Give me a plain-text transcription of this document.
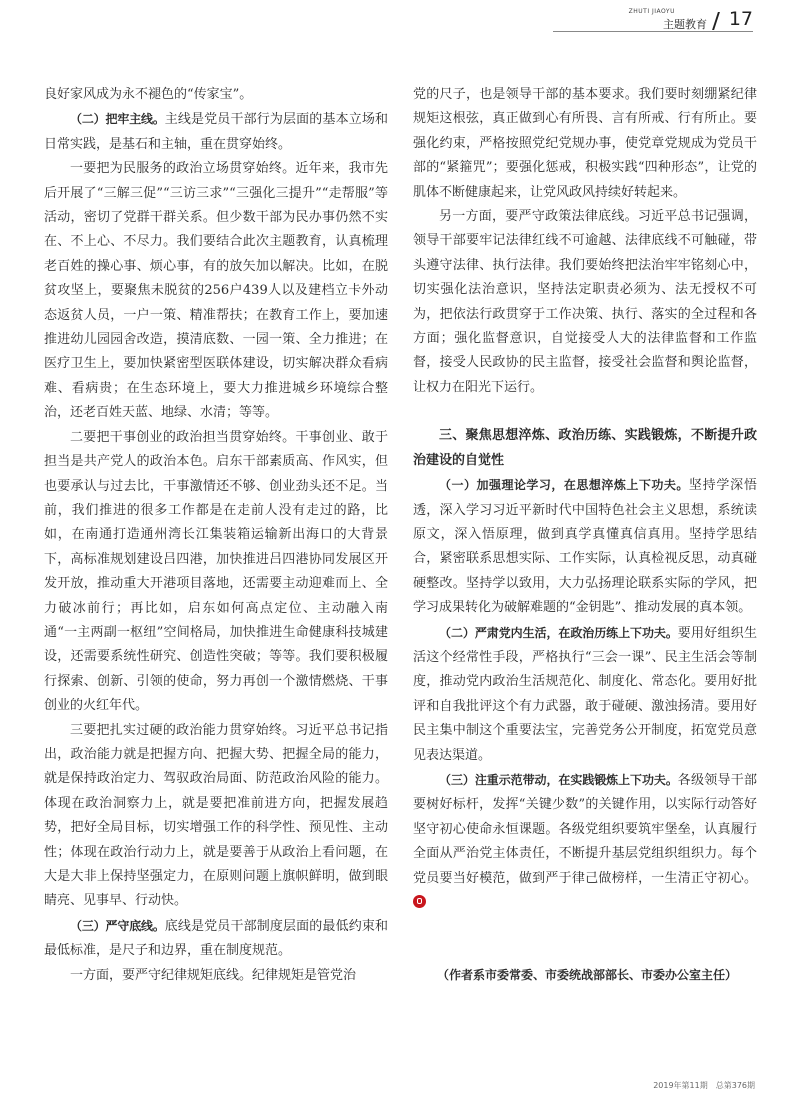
ZHUTI JIAOYU
主题教育 17

良好家风成为永不褪色的“传家宝”。

（二）把牢主线。主线是党员干部行为层面的基本立场和日常实践，是基石和主轴，重在贯穿始终。

一要把为民服务的政治立场贯穿始终。近年来，我市先后开展了“三解三促”“三访三求”“三强化三提升”“走帮服”等活动，密切了党群干群关系。但少数干部为民办事仍然不实在、不上心、不尽力。我们要结合此次主题教育，认真梳理老百姓的操心事、烦心事，有的放矢加以解决。比如，在脱贫攻坚上，要聚焦未脱贫的256户439人以及建档立卡外动态返贫人员，一户一策、精准帮扶；在教育工作上，要加速推进幼儿园园舍改造，摸清底数、一园一策、全力推进；在医疗卫生上，要加快紧密型医联体建设，切实解决群众看病难、看病贵；在生态环境上，要大力推进城乡环境综合整治，还老百姓天蓝、地绿、水清；等等。

二要把干事创业的政治担当贯穿始终。干事创业、敢于担当是共产党人的政治本色。启东干部素质高、作风实，但也要承认与过去比，干事激情还不够、创业劲头还不足。当前，我们推进的很多工作都是在走前人没有走过的路，比如，在南通打造通州湾长江集装箱运输新出海口的大背景下，高标准规划建设吕四港，加快推进吕四港协同发展区开发开放，推动重大开港项目落地，还需要主动迎难而上、全力破冰前行；再比如，启东如何高点定位、主动融入南通“一主两副一枢纽”空间格局，加快推进生命健康科技城建设，还需要系统性研究、创造性突破；等等。我们要积极履行探索、创新、引领的使命，努力再创一个激情燃烧、干事创业的火红年代。

三要把扎实过硬的政治能力贯穿始终。习近平总书记指出，政治能力就是把握方向、把握大势、把握全局的能力，就是保持政治定力、驾驭政治局面、防范政治风险的能力。体现在政治洞察力上，就是要把准前进方向，把握发展趋势，把好全局目标，切实增强工作的科学性、预见性、主动性；体现在政治行动力上，就是要善于从政治上看问题，在大是大非上保持坚强定力，在原则问题上旗帜鲜明，做到眼睛亮、见事早、行动快。

（三）严守底线。底线是党员干部制度层面的最低约束和最低标准，是尺子和边界，重在制度规范。

一方面，要严守纪律规矩底线。纪律规矩是管党治

党的尺子，也是领导干部的基本要求。我们要时刻绷紧纪律规矩这根弦，真正做到心有所畏、言有所戒、行有所止。要强化约束，严格按照党纪党规办事，使党章党规成为党员干部的“紧箍咒”；要强化惩戒，积极实践“四种形态”，让党的肌体不断健康起来，让党风政风持续好转起来。

另一方面，要严守政策法律底线。习近平总书记强调，领导干部要牢记法律红线不可逾越、法律底线不可触碰，带头遵守法律、执行法律。我们要始终把法治牢牢铭刻心中，切实强化法治意识，坚持法定职责必须为、法无授权不可为，把依法行政贯穿于工作决策、执行、落实的全过程和各方面；强化监督意识，自觉接受人大的法律监督和工作监督，接受人民政协的民主监督，接受社会监督和舆论监督，让权力在阳光下运行。

三、聚焦思想淬炼、政治历练、实践锻炼，不断提升政治建设的自觉性

（一）加强理论学习，在思想淬炼上下功夫。坚持学深悟透，深入学习习近平新时代中国特色社会主义思想，系统读原文，深入悟原理，做到真学真懂真信真用。坚持学思结合，紧密联系思想实际、工作实际，认真检视反思，动真碰硬整改。坚持学以致用，大力弘扬理论联系实际的学风，把学习成果转化为破解难题的“金钥匙”、推动发展的真本领。

（二）严肃党内生活，在政治历练上下功夫。要用好组织生活这个经常性手段，严格执行“三会一课”、民主生活会等制度，推动党内政治生活规范化、制度化、常态化。要用好批评和自我批评这个有力武器，敢于碰硬、激浊扬清。要用好民主集中制这个重要法宝，完善党务公开制度，拓宽党员意见表达渠道。

（三）注重示范带动，在实践锻炼上下功夫。各级领导干部要树好标杆，发挥“关键少数”的关键作用，以实际行动答好坚守初心使命永恒课题。各级党组织要筑牢堡垒，认真履行全面从严治党主体责任，不断提升基层党组织组织力。每个党员要当好模范，做到严于律己做榜样，一生清正守初心。

（作者系市委常委、市委统战部部长、市委办公室主任）

2019年第11期　总第376期
